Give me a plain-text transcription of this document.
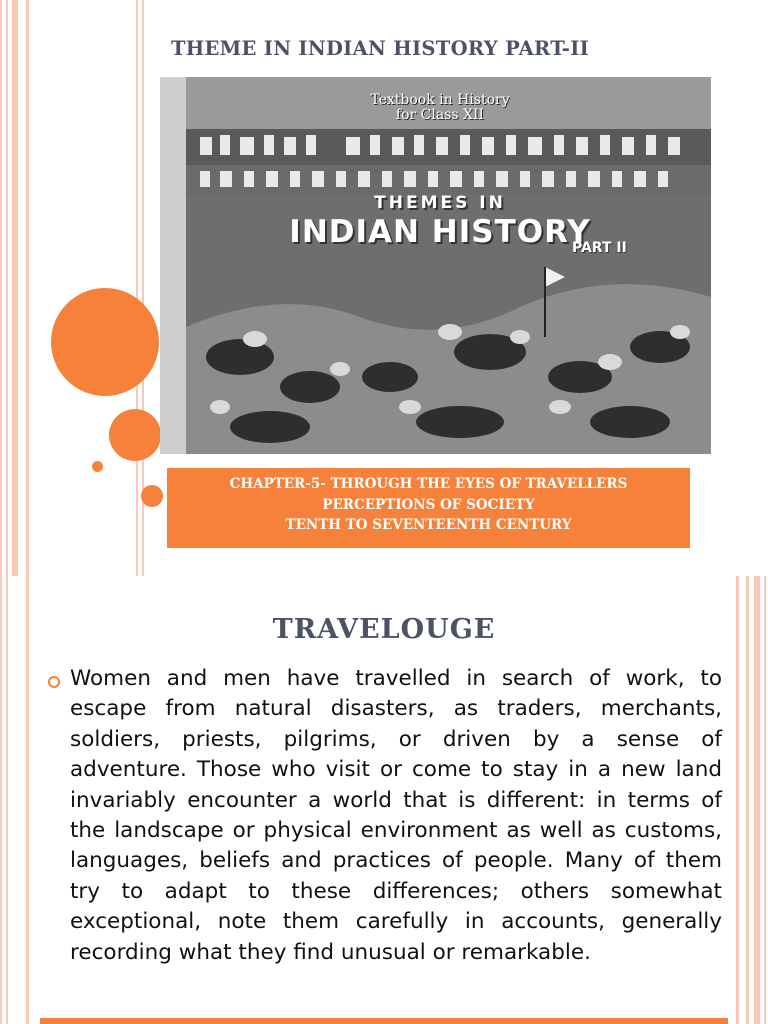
THEME IN INDIAN HISTORY PART-II
Textbook in History
for Class XII
THEMES IN
INDIAN HISTORY
PART II
CHAPTER-5- THROUGH THE EYES OF TRAVELLERS
PERCEPTIONS OF SOCIETY
TENTH TO SEVENTEENTH CENTURY
TRAVELOUGE

Women and men have travelled in search of work, to escape from natural disasters, as traders, merchants, soldiers, priests, pilgrims, or driven by a sense of adventure. Those who visit or come to stay in a new land invariably encounter a world that is different: in terms of the landscape or physical environment as well as customs, languages, beliefs and practices of people. Many of them try to adapt to these differences; others somewhat exceptional, note them carefully in accounts, generally recording what they find unusual or remarkable.
